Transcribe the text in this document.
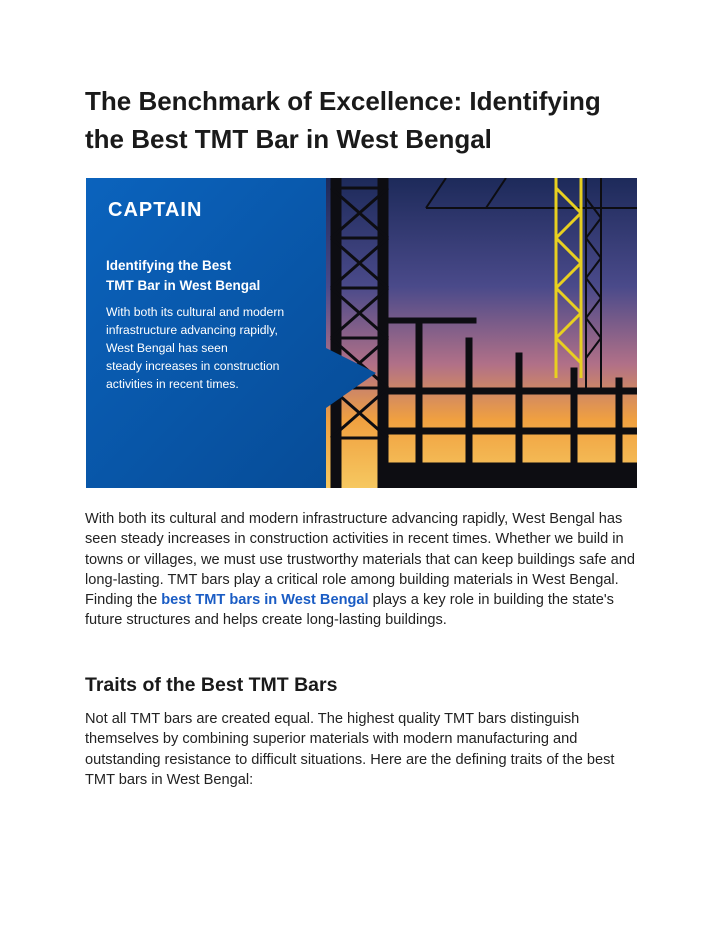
The Benchmark of Excellence: Identifying the Best TMT Bar in West Bengal
CAPTAIN
Identifying the Best
TMT Bar in West Bengal
With both its cultural and modern
infrastructure advancing rapidly,
West Bengal has seen
steady increases in construction
activities in recent times.

With both its cultural and modern infrastructure advancing rapidly, West Bengal has seen steady increases in construction activities in recent times. Whether we build in towns or villages, we must use trustworthy materials that can keep buildings safe and long-lasting. TMT bars play a critical role among building materials in West Bengal. Finding the best TMT bars in West Bengal plays a key role in building the state's future structures and helps create long-lasting buildings.

Traits of the Best TMT Bars

Not all TMT bars are created equal. The highest quality TMT bars distinguish themselves by combining superior materials with modern manufacturing and outstanding resistance to difficult situations. Here are the defining traits of the best TMT bars in West Bengal:
